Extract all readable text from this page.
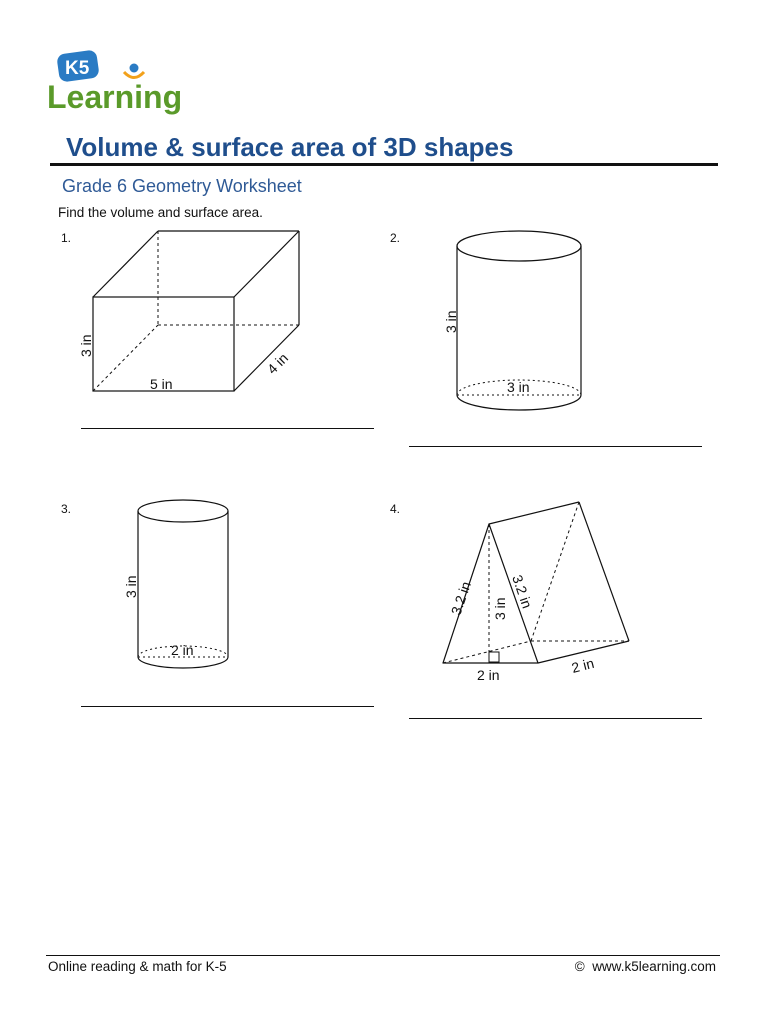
K5
Learning
Volume & surface area of 3D shapes
Grade 6 Geometry Worksheet
Find the volume and surface area.
1.
3 in
5 in
4 in
2.
3 in
3 in
3.
3 in
2 in
4.
3.2 in	3.2 in
3 in
2 in	2 in
Online reading & math for K-5	© www.k5learning.com
